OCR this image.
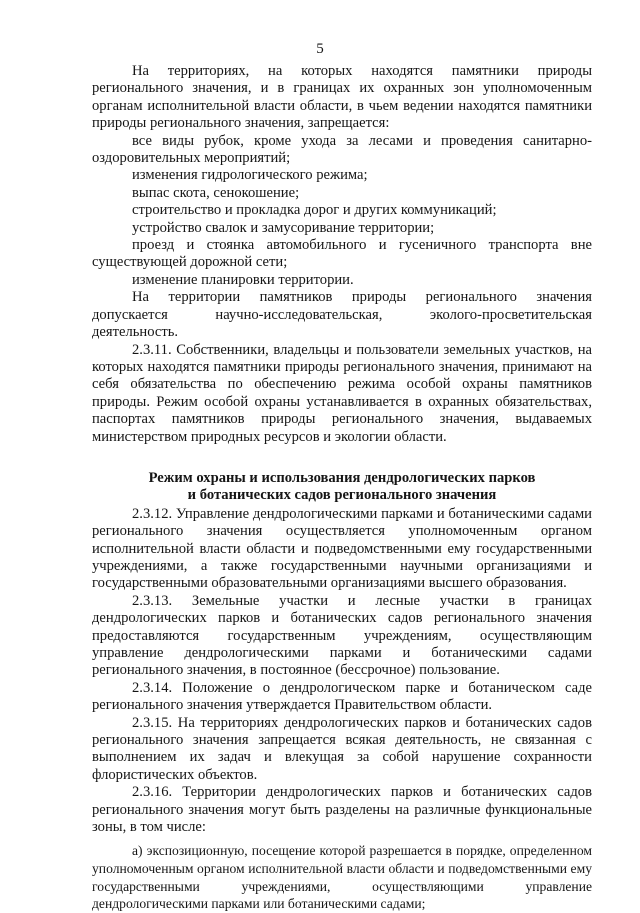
5

На территориях, на которых находятся памятники природы регионального значения, и в границах их охранных зон уполномоченным органам исполнительной власти области, в чьем ведении находятся памятники природы регионального значения, запрещается:

все виды рубок, кроме ухода за лесами и проведения санитарно-оздоровительных мероприятий;

изменения гидрологического режима;

выпас скота, сенокошение;

строительство и прокладка дорог и других коммуникаций;

устройство свалок и замусоривание территории;

проезд и стоянка автомобильного и гусеничного транспорта вне существующей дорожной сети;

изменение планировки территории.

На территории памятников природы регионального значения допускается научно-исследовательская, эколого-просветительская деятельность.

2.3.11. Собственники, владельцы и пользователи земельных участков, на которых находятся памятники природы регионального значения, принимают на себя обязательства по обеспечению режима особой охраны памятников природы. Режим особой охраны устанавливается в охранных обязательствах, паспортах памятников природы регионального значения, выдаваемых министерством природных ресурсов и экологии области.

Режим охраны и использования дендрологических парков
и ботанических садов регионального значения

2.3.12. Управление дендрологическими парками и ботаническими садами регионального значения осуществляется уполномоченным органом исполнительной власти области и подведомственными ему государственными учреждениями, а также государственными научными организациями и государственными образовательными организациями высшего образования.

2.3.13. Земельные участки и лесные участки в границах дендрологических парков и ботанических садов регионального значения предоставляются государственным учреждениям, осуществляющим управление дендрологическими парками и ботаническими садами регионального значения, в постоянное (бессрочное) пользование.

2.3.14. Положение о дендрологическом парке и ботаническом саде регионального значения утверждается Правительством области.

2.3.15. На территориях дендрологических парков и ботанических садов регионального значения запрещается всякая деятельность, не связанная с выполнением их задач и влекущая за собой нарушение сохранности флористических объектов.

2.3.16. Территории дендрологических парков и ботанических садов регионального значения могут быть разделены на различные функциональные зоны, в том числе:

а) экспозиционную, посещение которой разрешается в порядке, определенном уполномоченным органом исполнительной власти области и подведомственными ему государственными учреждениями, осуществляющими управление дендрологическими парками или ботаническими садами;
